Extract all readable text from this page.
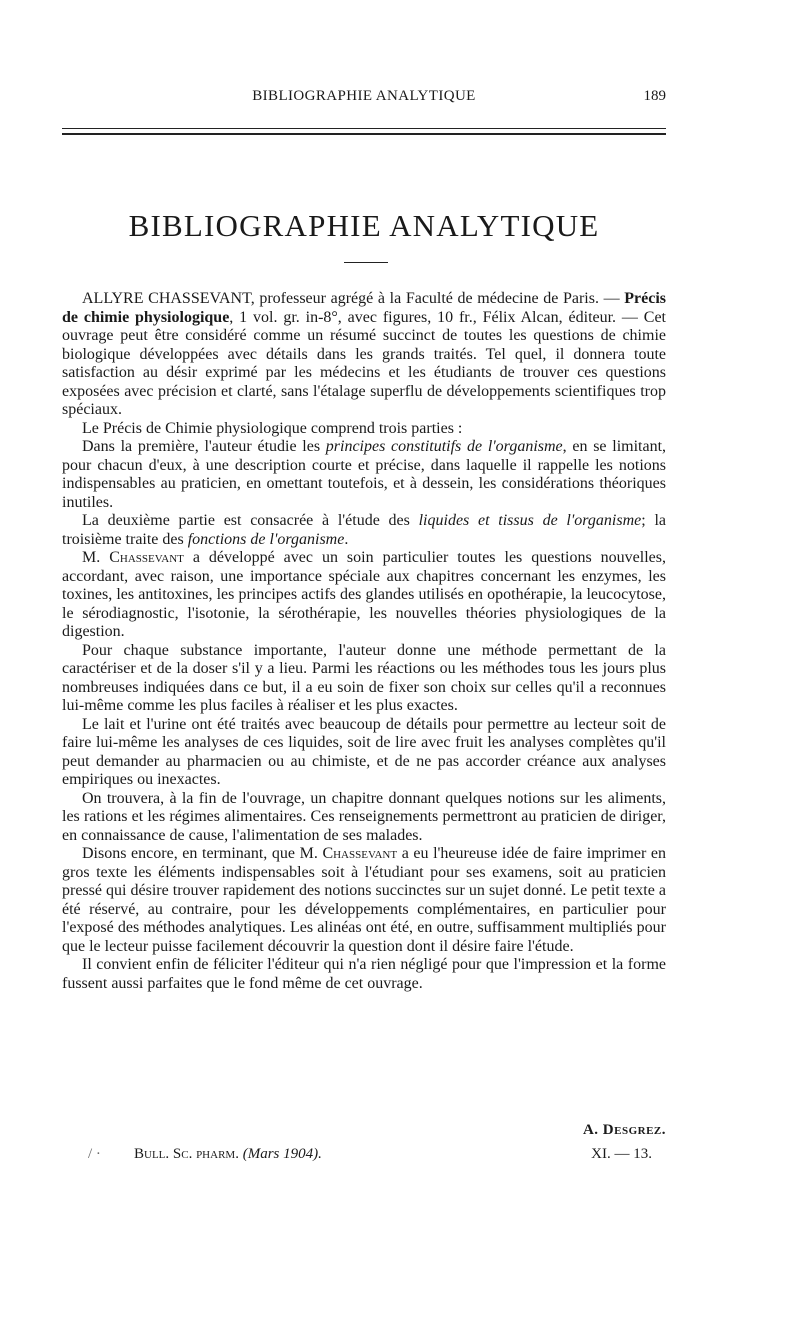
BIBLIOGRAPHIE ANALYTIQUE	189
BIBLIOGRAPHIE ANALYTIQUE

ALLYRE CHASSEVANT, professeur agrégé à la Faculté de médecine de Paris. — Précis de chimie physiologique, 1 vol. gr. in-8°, avec figures, 10 fr., Félix Alcan, éditeur. — Cet ouvrage peut être considéré comme un résumé succinct de toutes les questions de chimie biologique développées avec détails dans les grands traités. Tel quel, il donnera toute satisfaction au désir exprimé par les médecins et les étudiants de trouver ces questions exposées avec précision et clarté, sans l'étalage superflu de développements scientifiques trop spéciaux.

Le Précis de Chimie physiologique comprend trois parties :

Dans la première, l'auteur étudie les principes constitutifs de l'organisme, en se limitant, pour chacun d'eux, à une description courte et précise, dans laquelle il rappelle les notions indispensables au praticien, en omettant toutefois, et à dessein, les considérations théoriques inutiles.

La deuxième partie est consacrée à l'étude des liquides et tissus de l'organisme; la troisième traite des fonctions de l'organisme.

M. Chassevant a développé avec un soin particulier toutes les questions nouvelles, accordant, avec raison, une importance spéciale aux chapitres concernant les enzymes, les toxines, les antitoxines, les principes actifs des glandes utilisés en opothérapie, la leucocytose, le sérodiagnostic, l'isotonie, la sérothérapie, les nouvelles théories physiologiques de la digestion.

Pour chaque substance importante, l'auteur donne une méthode permettant de la caractériser et de la doser s'il y a lieu. Parmi les réactions ou les méthodes tous les jours plus nombreuses indiquées dans ce but, il a eu soin de fixer son choix sur celles qu'il a reconnues lui-même comme les plus faciles à réaliser et les plus exactes.

Le lait et l'urine ont été traités avec beaucoup de détails pour permettre au lecteur soit de faire lui-même les analyses de ces liquides, soit de lire avec fruit les analyses complètes qu'il peut demander au pharmacien ou au chimiste, et de ne pas accorder créance aux analyses empiriques ou inexactes.

On trouvera, à la fin de l'ouvrage, un chapitre donnant quelques notions sur les aliments, les rations et les régimes alimentaires. Ces renseignements permettront au praticien de diriger, en connaissance de cause, l'alimentation de ses malades.

Disons encore, en terminant, que M. Chassevant a eu l'heureuse idée de faire imprimer en gros texte les éléments indispensables soit à l'étudiant pour ses examens, soit au praticien pressé qui désire trouver rapidement des notions succinctes sur un sujet donné. Le petit texte a été réservé, au contraire, pour les développements complémentaires, en particulier pour l'exposé des méthodes analytiques. Les alinéas ont été, en outre, suffisamment multipliés pour que le lecteur puisse facilement découvrir la question dont il désire faire l'étude.

Il convient enfin de féliciter l'éditeur qui n'a rien négligé pour que l'impression et la forme fussent aussi parfaites que le fond même de cet ouvrage.

A. Desgrez.
/ · Bull. Sc. pharm. (Mars 1904).	XI. — 13.
